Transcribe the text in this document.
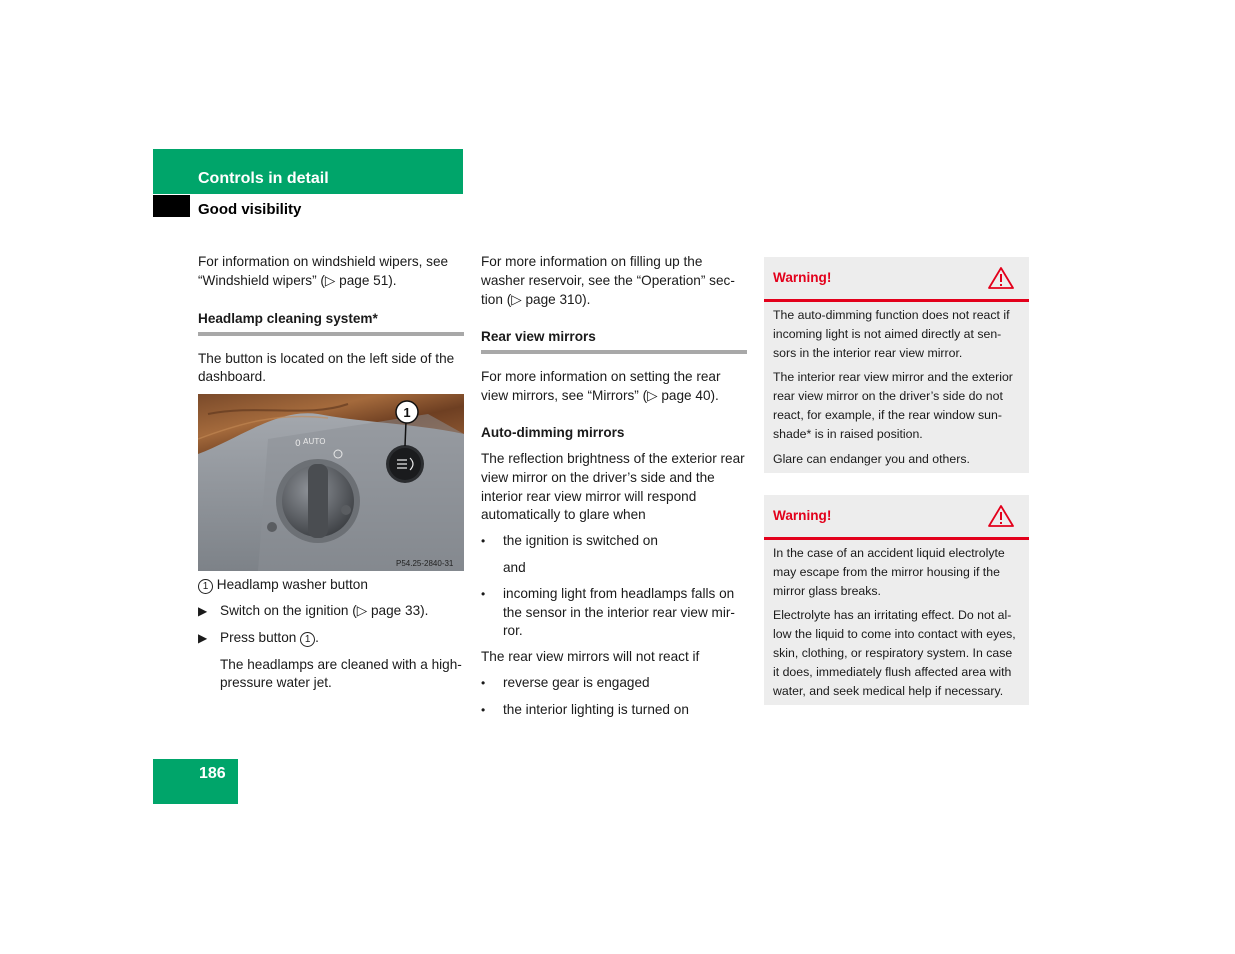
Controls in detail
Good visibility

For information on windshield wipers, see “Windshield wipers” (▷ page 51).

Headlamp cleaning system*

The button is located on the left side of the dashboard.

0 AUTO
1
P54.25-2840-31

1 Headlamp washer button

▶ Switch on the ignition (▷ page 33).
▶ Press button 1 .

The headlamps are cleaned with a high-pressure water jet.

For more information on filling up the washer reservoir, see the “Operation” sec- tion (▷ page 310).

Rear view mirrors

For more information on setting the rear view mirrors, see “Mirrors” (▷ page 40).

Auto-dimming mirrors

The reflection brightness of the exterior rear view mirror on the driver’s side and the interior rear view mirror will respond automatically to glare when

• the ignition is switched on

and

• incoming light from headlamps falls on the sensor in the interior rear view mir- ror.

The rear view mirrors will not react if

• reverse gear is engaged
• the interior lighting is turned on
Warning!

The auto-dimming function does not react if incoming light is not aimed directly at sen- sors in the interior rear view mirror.

The interior rear view mirror and the exterior rear view mirror on the driver’s side do not react, for example, if the rear window sun- shade* is in raised position.

Glare can endanger you and others.

Warning!

In the case of an accident liquid electrolyte may escape from the mirror housing if the mirror glass breaks.

Electrolyte has an irritating effect. Do not al- low the liquid to come into contact with eyes, skin, clothing, or respiratory system. In case it does, immediately flush affected area with water, and seek medical help if necessary.

186
